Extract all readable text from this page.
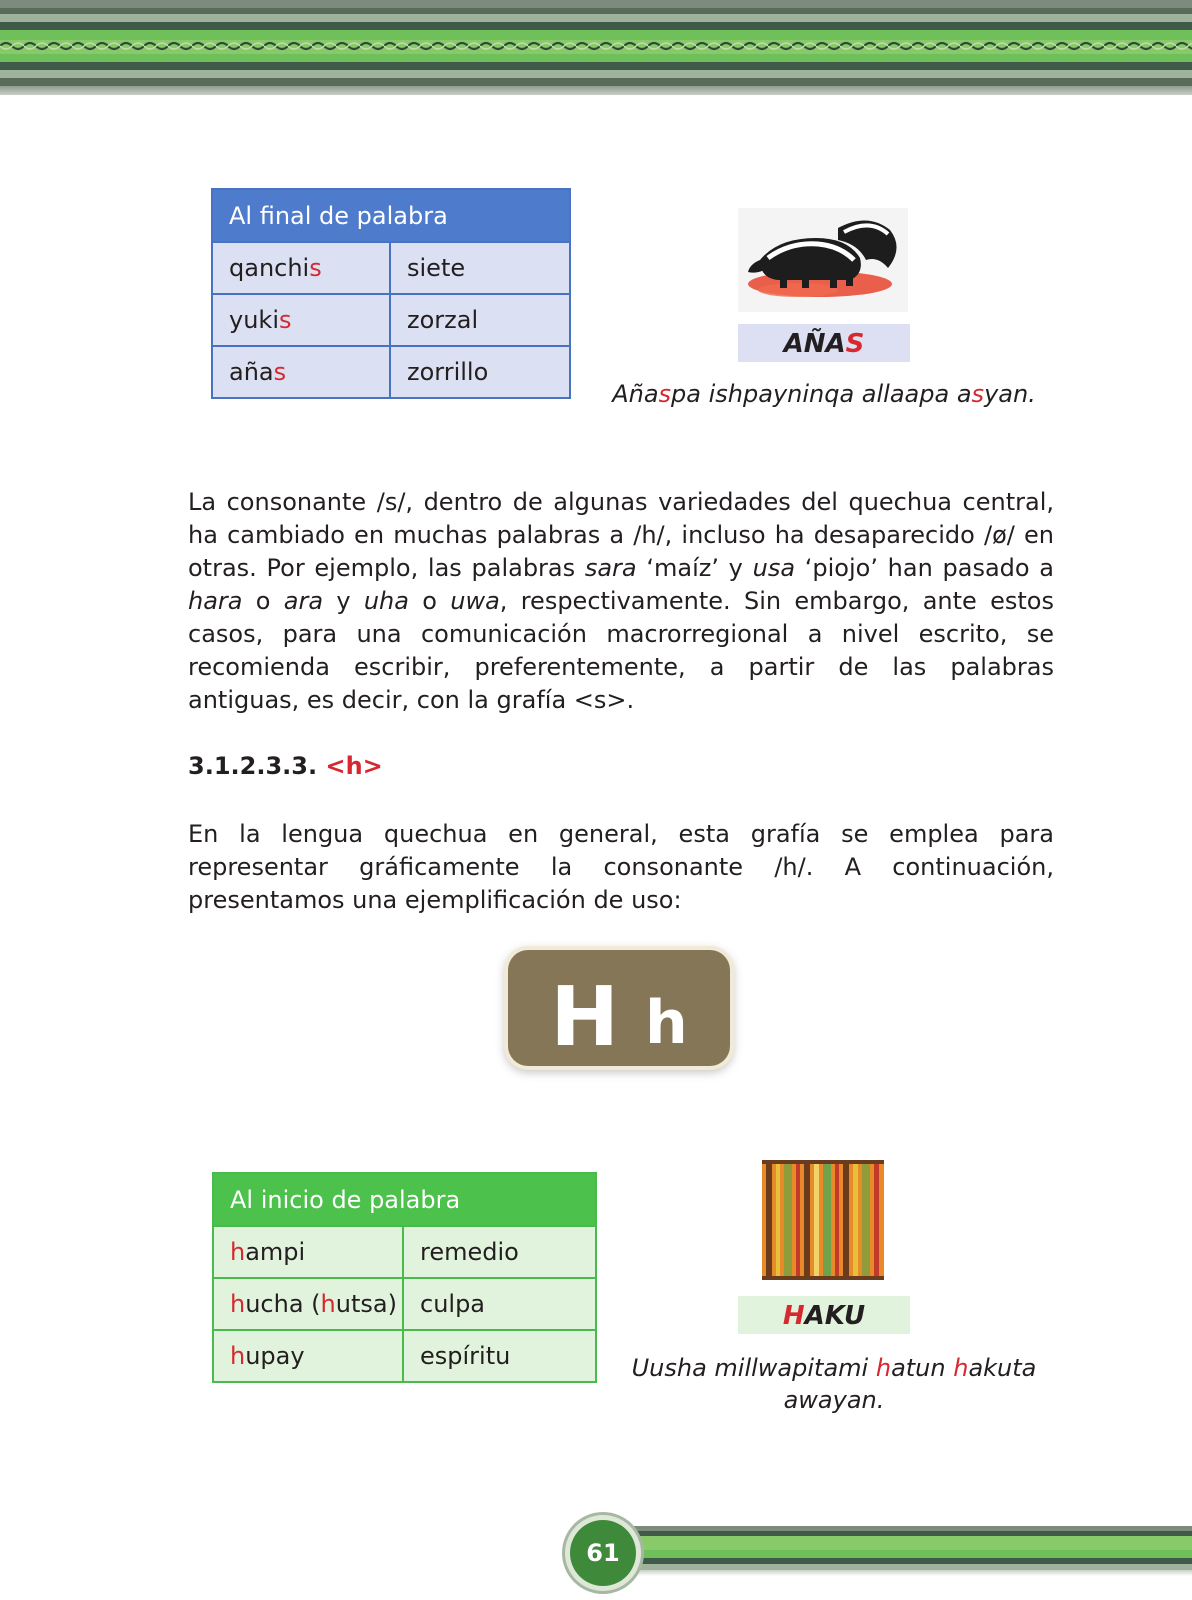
Al final de palabra	
qanchis	siete
yukis	zorzal
añas	zorrillo
AÑAS
Añaspa ishpayninqa allaapa asyan.
La consonante /s/, dentro de algunas variedades del quechua central, ha cambiado en muchas palabras a /h/, incluso ha desaparecido /ø/ en otras. Por ejemplo, las palabras sara ‘maíz’ y usa ‘piojo’ han pasado a hara o ara y uha o uwa, respectivamente. Sin embargo, ante estos casos, para una comunicación macrorregional a nivel escrito, se recomienda escribir, preferentemente, a partir de las palabras antiguas, es decir, con la grafía <s>.
3.1.2.3.3. <h>
En la lengua quechua en general, esta grafía se emplea para representar gráficamente la consonante /h/. A continuación, presentamos una ejemplificación de uso:
H h
Al inicio de palabra	
hampi	remedio
hucha (hutsa)	culpa
hupay	espíritu
HAKU
Uusha millwapitami hatun hakuta
awayan.
61
